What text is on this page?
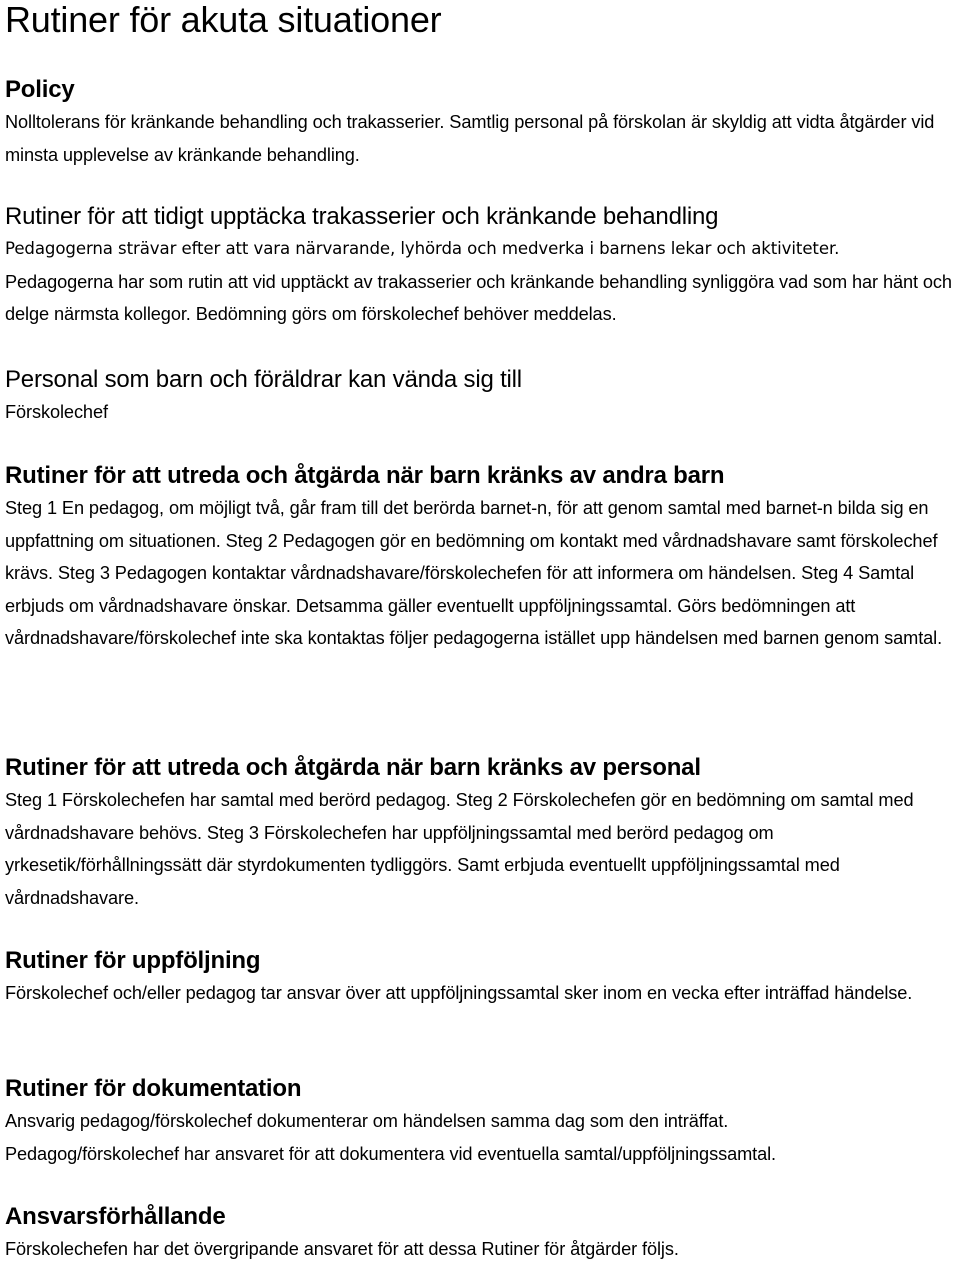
Rutiner för akuta situationer
Policy

Nolltolerans för kränkande behandling och trakasserier. Samtlig personal på förskolan är skyldig att vidta åtgärder vid minsta upplevelse av kränkande behandling.

Rutiner för att tidigt upptäcka trakasserier och kränkande behandling

Pedagogerna strävar efter att vara närvarande, lyhörda och medverka i barnens lekar och aktiviteter.

Pedagogerna har som rutin att vid upptäckt av trakasserier och kränkande behandling synliggöra vad som har hänt och delge närmsta kollegor. Bedömning görs om förskolechef behöver meddelas.

Personal som barn och föräldrar kan vända sig till

Förskolechef

Rutiner för att utreda och åtgärda när barn kränks av andra barn

Steg 1 En pedagog, om möjligt två, går fram till det berörda barnet-n, för att genom samtal med barnet-n bilda sig en uppfattning om situationen. Steg 2 Pedagogen gör en bedömning om kontakt med vårdnadshavare samt förskolechef krävs. Steg 3 Pedagogen kontaktar vårdnadshavare/förskolechefen för att informera om händelsen. Steg 4 Samtal erbjuds om vårdnadshavare önskar. Detsamma gäller eventuellt uppföljningssamtal. Görs bedömningen att vårdnadshavare/förskolechef inte ska kontaktas följer pedagogerna istället upp händelsen med barnen genom samtal.

Rutiner för att utreda och åtgärda när barn kränks av personal

Steg 1 Förskolechefen har samtal med berörd pedagog. Steg 2 Förskolechefen gör en bedömning om samtal med vårdnadshavare behövs. Steg 3 Förskolechefen har uppföljningssamtal med berörd pedagog om yrkesetik/förhållningssätt där styrdokumenten tydliggörs. Samt erbjuda eventuellt uppföljningssamtal med vårdnadshavare.

Rutiner för uppföljning

Förskolechef och/eller pedagog tar ansvar över att uppföljningssamtal sker inom en vecka efter inträffad händelse.

Rutiner för dokumentation

Ansvarig pedagog/förskolechef dokumenterar om händelsen samma dag som den inträffat.

Pedagog/förskolechef har ansvaret för att dokumentera vid eventuella samtal/uppföljningssamtal.

Ansvarsförhållande

Förskolechefen har det övergripande ansvaret för att dessa Rutiner för åtgärder följs.
